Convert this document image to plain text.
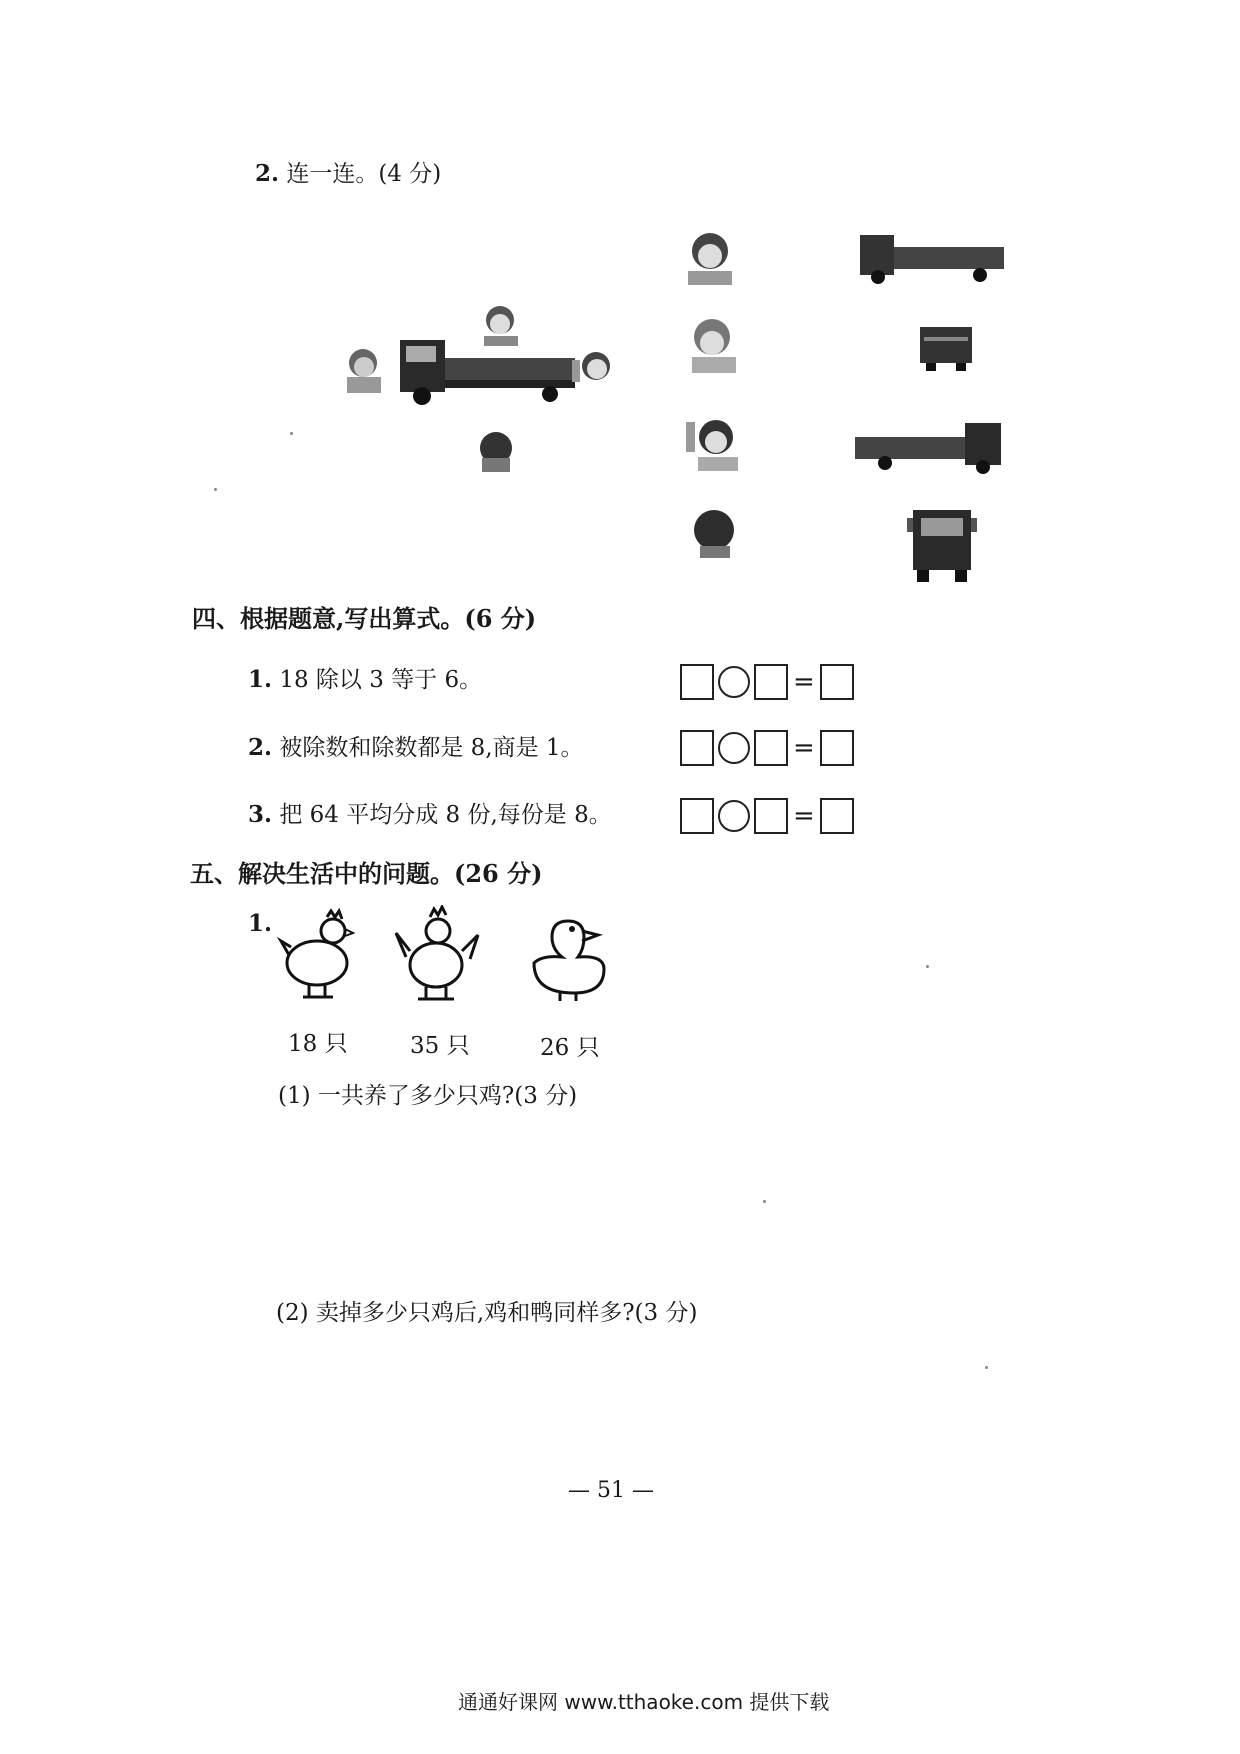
2. 连一连。(4 分)
四、根据题意,写出算式。(6 分)
1. 18 除以 3 等于 6。	=
2. 被除数和除数都是 8,商是 1。	=
3. 把 64 平均分成 8 份,每份是 8。	=
五、解决生活中的问题。(26 分)
1.
18 只	35 只	26 只
(1) 一共养了多少只鸡?(3 分)
(2) 卖掉多少只鸡后,鸡和鸭同样多?(3 分)
— 51 —
通通好课网 www.tthaoke.com 提供下载
